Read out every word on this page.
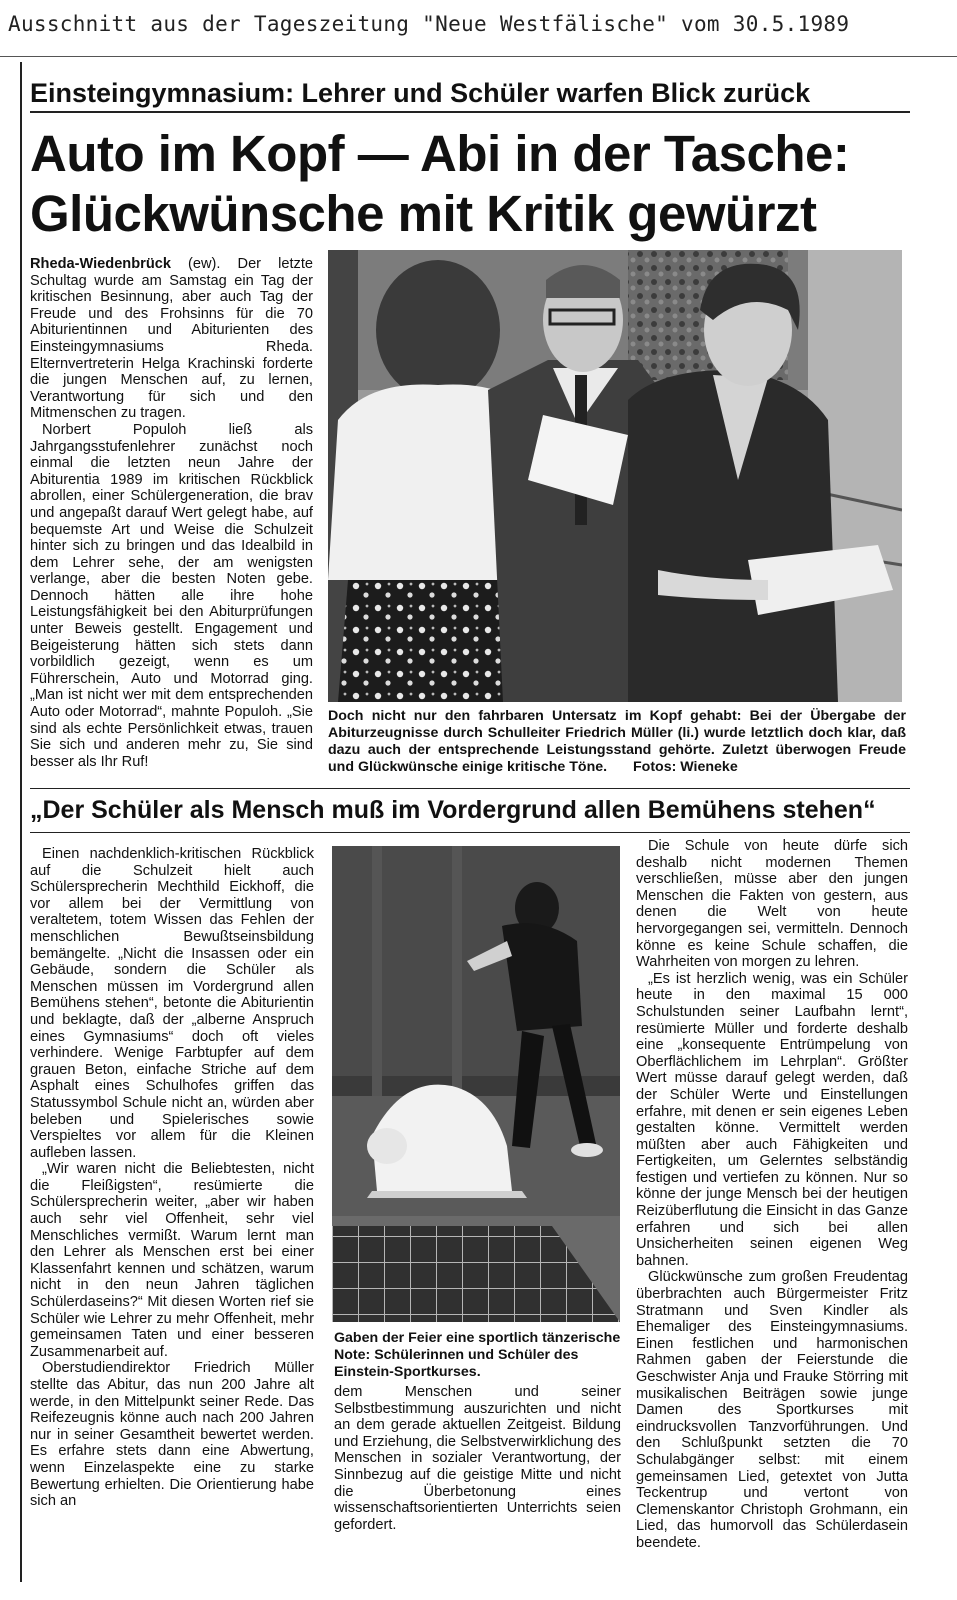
Ausschnitt aus der Tageszeitung "Neue Westfälische" vom 30.5.1989
Einsteingymnasium: Lehrer und Schüler warfen Blick zurück
Auto im Kopf — Abi in der Tasche:
Glückwünsche mit Kritik gewürzt

Rheda-Wiedenbrück (ew). Der letzte Schultag wurde am Samstag ein Tag der kritischen Besinnung, aber auch Tag der Freude und des Frohsinns für die 70 Abiturientinnen und Abiturienten des Einsteingymnasiums Rheda. Elternvertreterin Helga Krachinski forderte die jungen Menschen auf, zu lernen, Verantwortung für sich und den Mitmenschen zu tragen.

Norbert Populoh ließ als Jahrgangsstufenlehrer zunächst noch einmal die letzten neun Jahre der Abiturentia 1989 im kritischen Rückblick abrollen, einer Schülergeneration, die brav und angepaßt darauf Wert gelegt habe, auf bequemste Art und Weise die Schulzeit hinter sich zu bringen und das Idealbild in dem Lehrer sehe, der am wenigsten verlange, aber die besten Noten gebe. Dennoch hätten alle ihre hohe Leistungsfähigkeit bei den Abiturprüfungen unter Beweis gestellt. Engagement und Beigeisterung hätten sich stets dann vorbildlich gezeigt, wenn es um Führerschein, Auto und Motorrad ging. „Man ist nicht wer mit dem entsprechenden Auto oder Motorrad“, mahnte Populoh. „Sie sind als echte Persönlichkeit etwas, trauen Sie sich und anderen mehr zu, Sie sind besser als Ihr Ruf!

Doch nicht nur den fahrbaren Untersatz im Kopf gehabt: Bei der Übergabe der Abiturzeugnisse durch Schulleiter Friedrich Müller (li.) wurde letztlich doch klar, daß dazu auch der entsprechende Leistungsstand gehörte. Zuletzt überwogen Freude und Glückwünsche einige kritische Töne. Fotos: Wieneke
„Der Schüler als Mensch muß im Vordergrund allen Bemühens stehen“

Einen nachdenklich-kritischen Rückblick auf die Schulzeit hielt auch Schülersprecherin Mechthild Eickhoff, die vor allem bei der Vermittlung von veraltetem, totem Wissen das Fehlen der menschlichen Bewußtseinsbildung bemängelte. „Nicht die Insassen oder ein Gebäude, sondern die Schüler als Menschen müssen im Vordergrund allen Bemühens stehen“, betonte die Abiturientin und beklagte, daß der „alberne Anspruch eines Gymnasiums“ doch oft vieles verhindere. Wenige Farbtupfer auf dem grauen Beton, einfache Striche auf dem Asphalt eines Schulhofes griffen das Statussymbol Schule nicht an, würden aber beleben und Spielerisches sowie Verspieltes vor allem für die Kleinen aufleben lassen.

„Wir waren nicht die Beliebtesten, nicht die Fleißigsten“, resümierte die Schülersprecherin weiter, „aber wir haben auch sehr viel Offenheit, sehr viel Menschliches vermißt. Warum lernt man den Lehrer als Menschen erst bei einer Klassenfahrt kennen und schätzen, warum nicht in den neun Jahren täglichen Schülerdaseins?“ Mit diesen Worten rief sie Schüler wie Lehrer zu mehr Offenheit, mehr gemeinsamen Taten und einer besseren Zusammenarbeit auf.

Oberstudiendirektor Friedrich Müller stellte das Abitur, das nun 200 Jahre alt werde, in den Mittelpunkt seiner Rede. Das Reifezeugnis könne auch nach 200 Jahren nur in seiner Gesamtheit bewertet werden. Es erfahre stets dann eine Abwertung, wenn Einzelaspekte eine zu starke Bewertung erhielten. Die Orientierung habe sich an

Gaben der Feier eine sportlich tänzerische Note: Schülerinnen und Schüler des Einstein-Sportkurses.

dem Menschen und seiner Selbstbestimmung auszurichten und nicht an dem gerade aktuellen Zeitgeist. Bildung und Erziehung, die Selbstverwirklichung des Menschen in sozialer Verantwortung, der Sinnbezug auf die geistige Mitte und nicht die Überbetonung eines wissenschaftsorientierten Unterrichts seien gefordert.

Die Schule von heute dürfe sich deshalb nicht modernen Themen verschließen, müsse aber den jungen Menschen die Fakten von gestern, aus denen die Welt von heute hervorgegangen sei, vermitteln. Dennoch könne es keine Schule schaffen, die Wahrheiten von morgen zu lehren.

„Es ist herzlich wenig, was ein Schüler heute in den maximal 15 000 Schulstunden seiner Laufbahn lernt“, resümierte Müller und forderte deshalb eine „konsequente Entrümpelung von Oberflächlichem im Lehrplan“. Größter Wert müsse darauf gelegt werden, daß der Schüler Werte und Einstellungen erfahre, mit denen er sein eigenes Leben gestalten könne. Vermittelt werden müßten aber auch Fähigkeiten und Fertigkeiten, um Gelerntes selbständig festigen und vertiefen zu können. Nur so könne der junge Mensch bei der heutigen Reizüberflutung die Einsicht in das Ganze erfahren und sich bei allen Unsicherheiten seinen eigenen Weg bahnen.

Glückwünsche zum großen Freudentag überbrachten auch Bürgermeister Fritz Stratmann und Sven Kindler als Ehemaliger des Einsteingymnasiums. Einen festlichen und harmonischen Rahmen gaben der Feierstunde die Geschwister Anja und Frauke Störring mit musikalischen Beiträgen sowie junge Damen des Sportkurses mit eindrucksvollen Tanzvorführungen. Und den Schlußpunkt setzten die 70 Schulabgänger selbst: mit einem gemeinsamen Lied, getextet von Jutta Teckentrup und vertont von Clemenskantor Christoph Grohmann, ein Lied, das humorvoll das Schülerdasein beendete.
